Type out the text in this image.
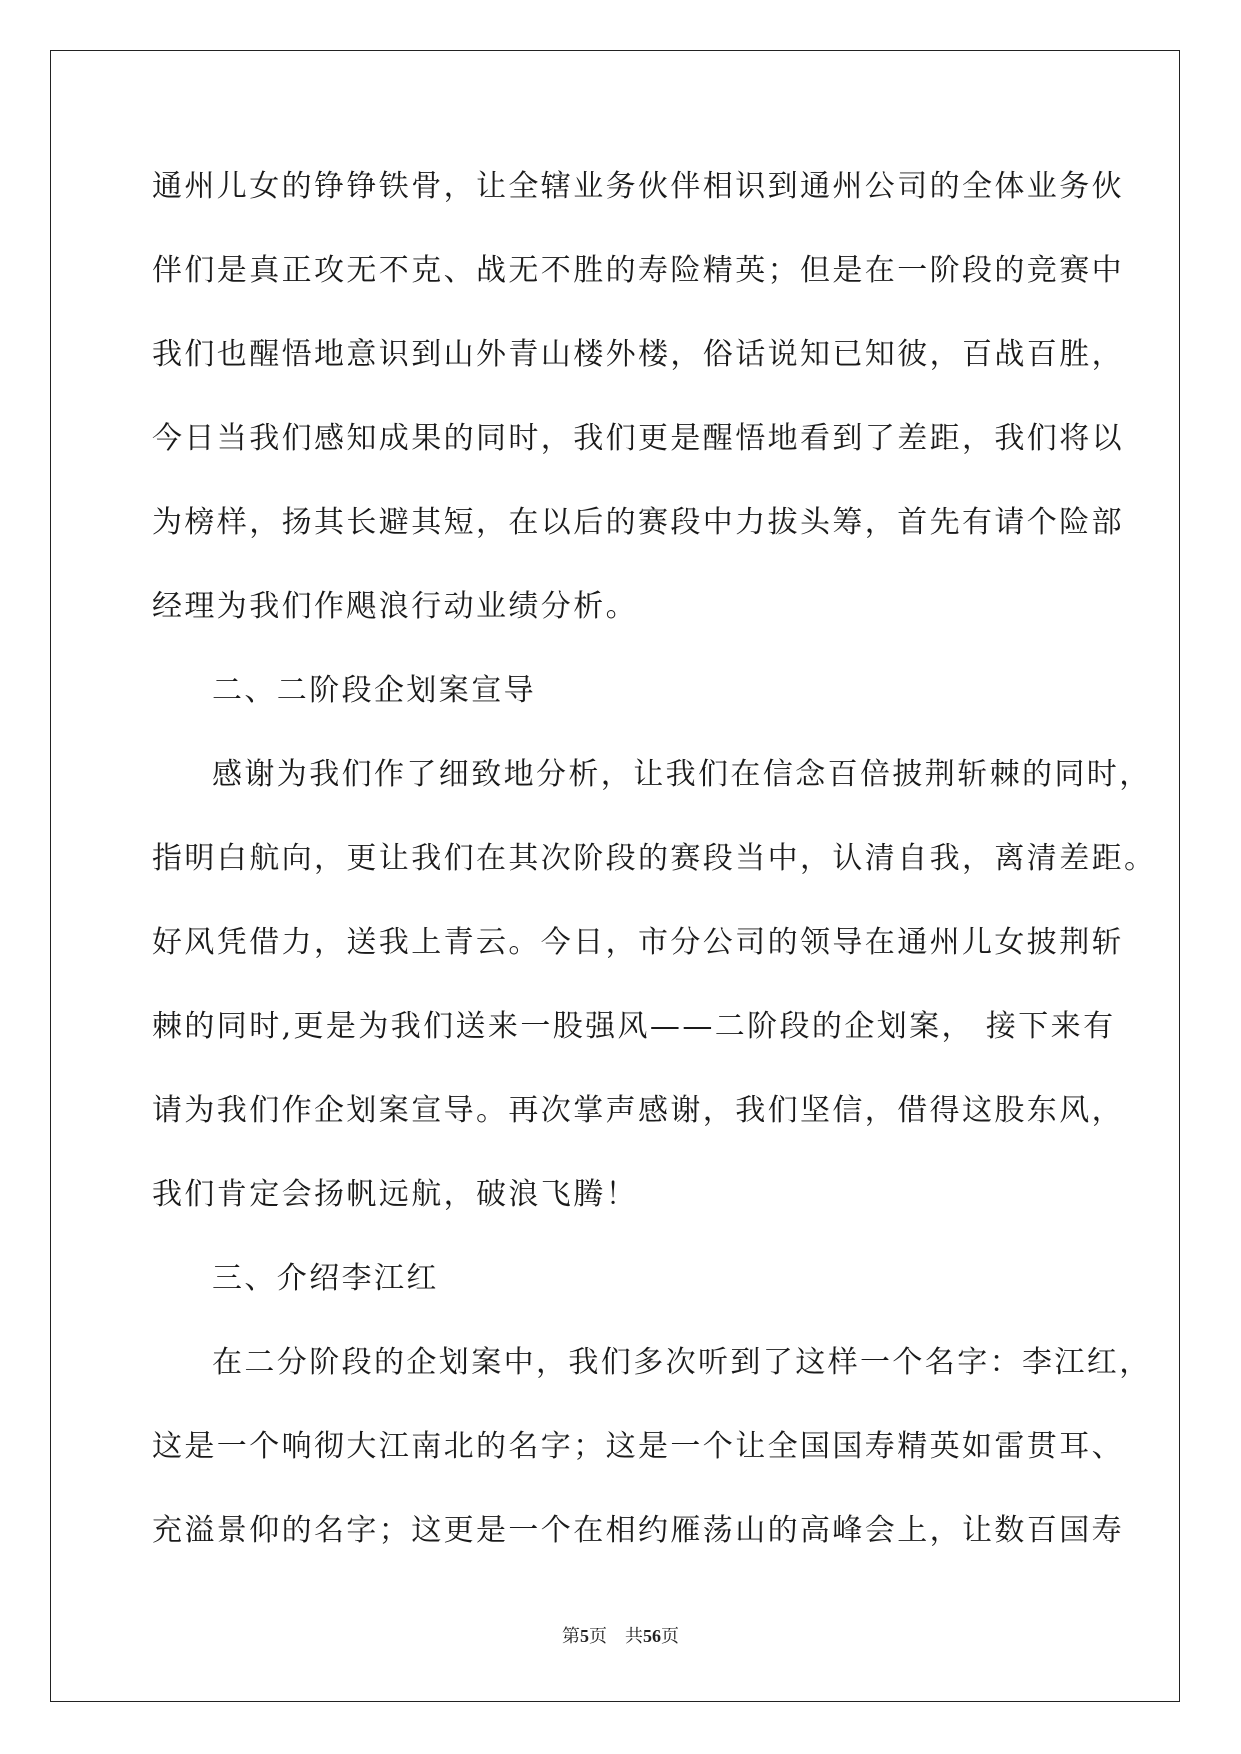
通州儿女的铮铮铁骨，让全辖业务伙伴相识到通州公司的全体业务伙
伴们是真正攻无不克、战无不胜的寿险精英；但是在一阶段的竞赛中
我们也醒悟地意识到山外青山楼外楼，俗话说知已知彼，百战百胜，
今日当我们感知成果的同时，我们更是醒悟地看到了差距，我们将以
为榜样，扬其长避其短，在以后的赛段中力拔头筹，首先有请个险部
经理为我们作飓浪行动业绩分析。
二、二阶段企划案宣导
感谢为我们作了细致地分析，让我们在信念百倍披荆斩棘的同时，
指明白航向，更让我们在其次阶段的赛段当中，认清自我，离清差距。
好风凭借力，送我上青云。今日，市分公司的领导在通州儿女披荆斩
棘的同时,更是为我们送来一股强风——二阶段的企划案， 接下来有
请为我们作企划案宣导。再次掌声感谢，我们坚信，借得这股东风，
我们肯定会扬帆远航，破浪飞腾！
三、介绍李江红
在二分阶段的企划案中，我们多次听到了这样一个名字：李江红，
这是一个响彻大江南北的名字；这是一个让全国国寿精英如雷贯耳、
充溢景仰的名字；这更是一个在相约雁荡山的高峰会上，让数百国寿
第5页　共56页
